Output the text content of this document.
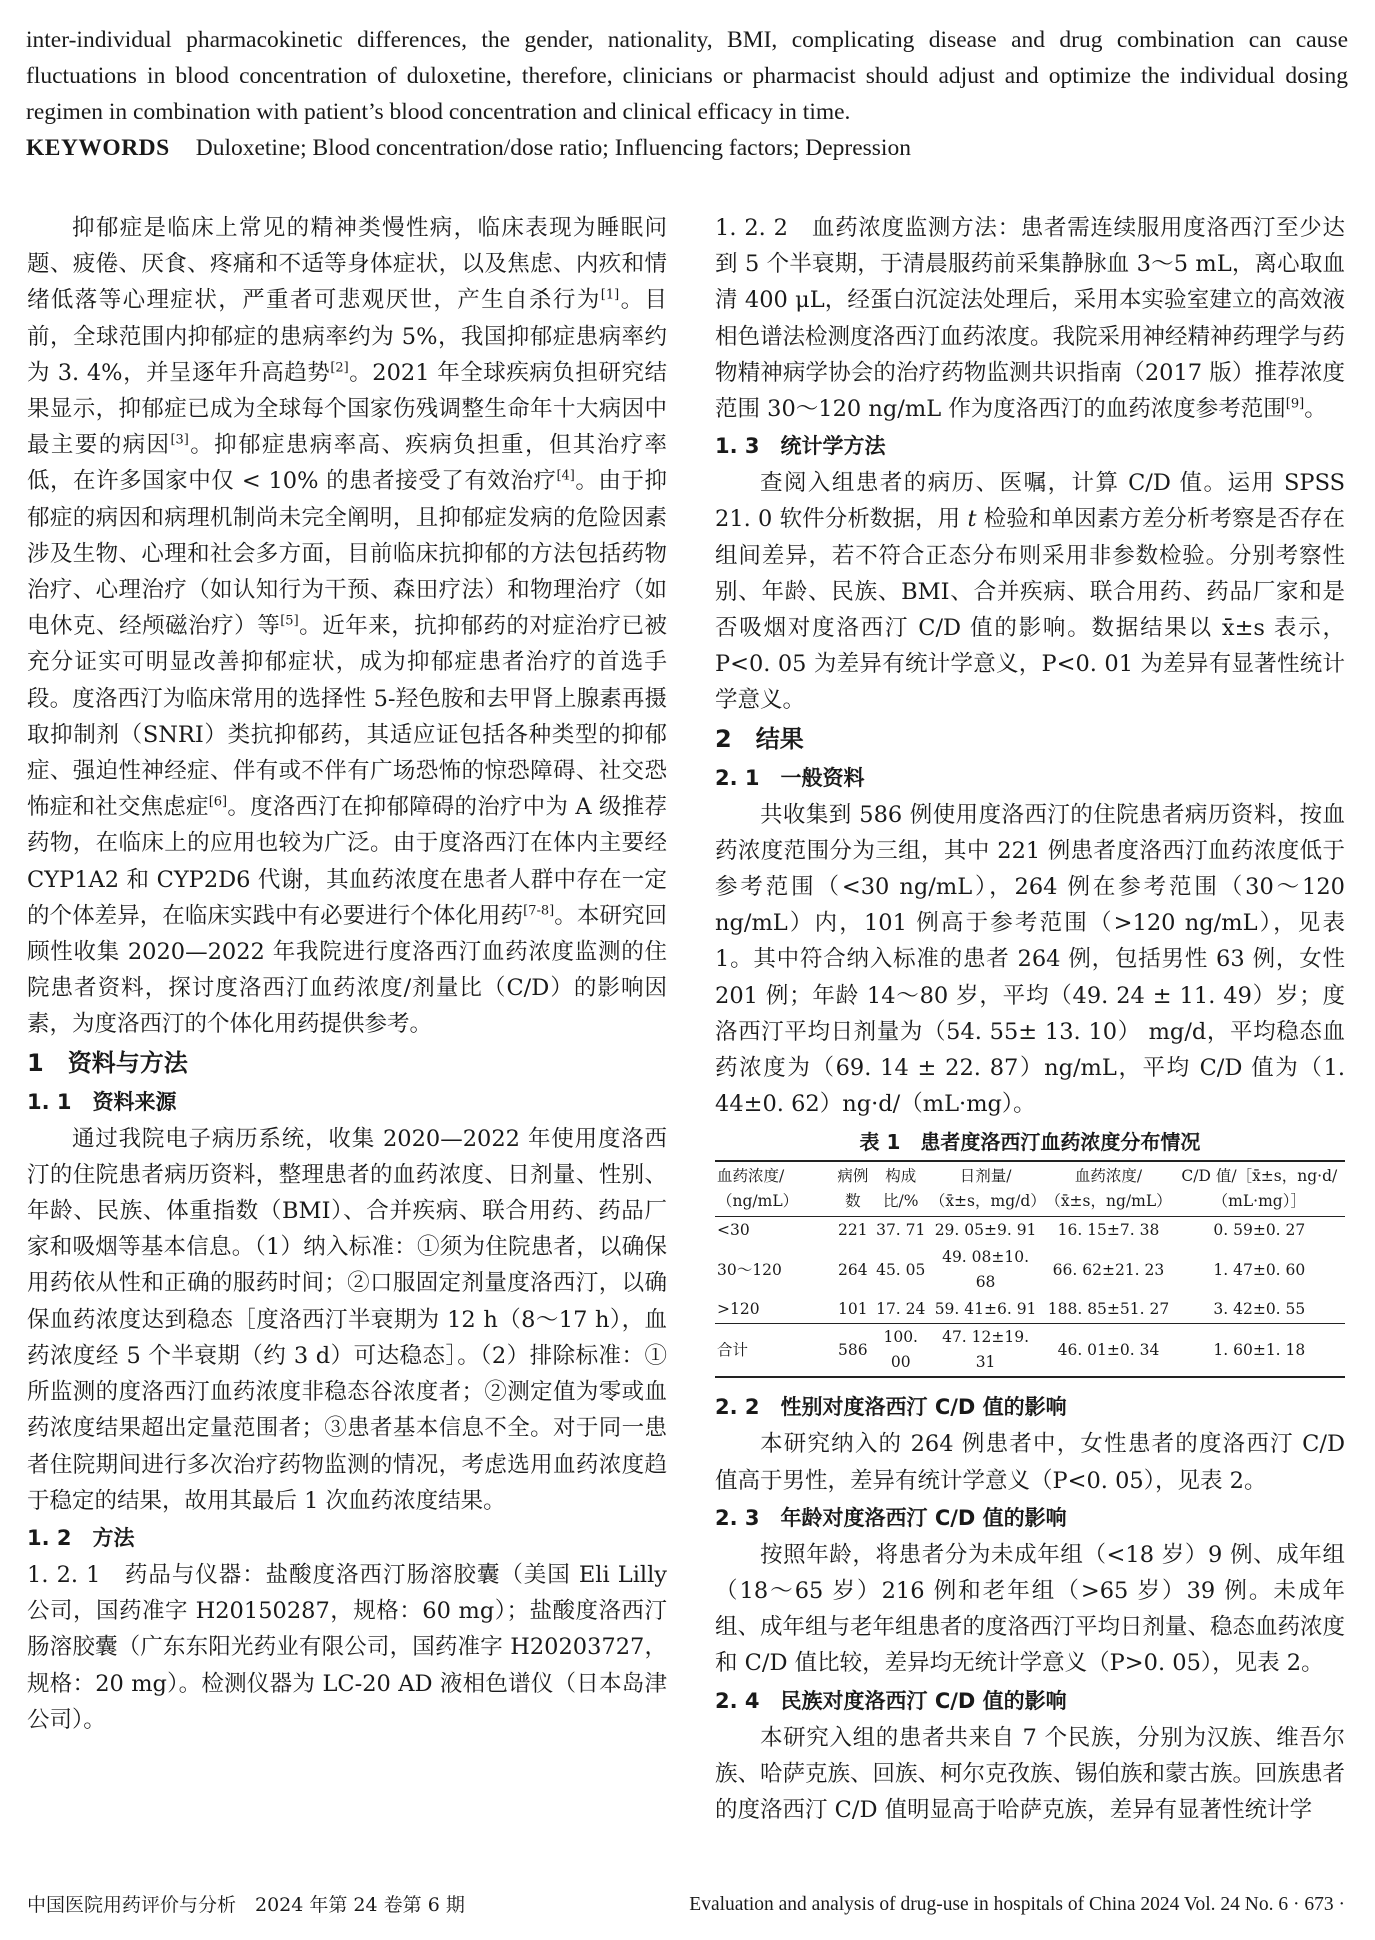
inter-individual pharmacokinetic differences, the gender, nationality, BMI, complicating disease and drug combination can cause fluctuations in blood concentration of duloxetine, therefore, clinicians or pharmacist should adjust and optimize the individual dosing regimen in combination with patient’s blood concentration and clinical efficacy in time.

KEYWORDS Duloxetine; Blood concentration/dose ratio; Influencing factors; Depression

抑郁症是临床上常见的精神类慢性病，临床表现为睡眠问题、疲倦、厌食、疼痛和不适等身体症状，以及焦虑、内疚和情绪低落等心理症状，严重者可悲观厌世，产生自杀行为[1]。目前，全球范围内抑郁症的患病率约为 5%，我国抑郁症患病率约为 3. 4%，并呈逐年升高趋势[2]。2021 年全球疾病负担研究结果显示，抑郁症已成为全球每个国家伤残调整生命年十大病因中最主要的病因[3]。抑郁症患病率高、疾病负担重，但其治疗率低，在许多国家中仅 < 10% 的患者接受了有效治疗[4]。由于抑郁症的病因和病理机制尚未完全阐明，且抑郁症发病的危险因素涉及生物、心理和社会多方面，目前临床抗抑郁的方法包括药物治疗、心理治疗（如认知行为干预、森田疗法）和物理治疗（如电休克、经颅磁治疗）等[5]。近年来，抗抑郁药的对症治疗已被充分证实可明显改善抑郁症状，成为抑郁症患者治疗的首选手段。度洛西汀为临床常用的选择性 5-羟色胺和去甲肾上腺素再摄取抑制剂（SNRI）类抗抑郁药，其适应证包括各种类型的抑郁症、强迫性神经症、伴有或不伴有广场恐怖的惊恐障碍、社交恐怖症和社交焦虑症[6]。度洛西汀在抑郁障碍的治疗中为 A 级推荐药物，在临床上的应用也较为广泛。由于度洛西汀在体内主要经 CYP1A2 和 CYP2D6 代谢，其血药浓度在患者人群中存在一定的个体差异，在临床实践中有必要进行个体化用药[7-8]。本研究回顾性收集 2020—2022 年我院进行度洛西汀血药浓度监测的住院患者资料，探讨度洛西汀血药浓度/剂量比（C/D）的影响因素，为度洛西汀的个体化用药提供参考。

1　资料与方法

1. 1　资料来源

通过我院电子病历系统，收集 2020—2022 年使用度洛西汀的住院患者病历资料，整理患者的血药浓度、日剂量、性别、年龄、民族、体重指数（BMI）、合并疾病、联合用药、药品厂家和吸烟等基本信息。（1）纳入标准：①须为住院患者，以确保用药依从性和正确的服药时间；②口服固定剂量度洛西汀，以确保血药浓度达到稳态［度洛西汀半衰期为 12 h（8～17 h），血药浓度经 5 个半衰期（约 3 d）可达稳态］。（2）排除标准：①所监测的度洛西汀血药浓度非稳态谷浓度者；②测定值为零或血药浓度结果超出定量范围者；③患者基本信息不全。对于同一患者住院期间进行多次治疗药物监测的情况，考虑选用血药浓度趋于稳定的结果，故用其最后 1 次血药浓度结果。

1. 2　方法

1. 2. 1　药品与仪器：盐酸度洛西汀肠溶胶囊（美国 Eli Lilly 公司，国药准字 H20150287，规格：60 mg）；盐酸度洛西汀肠溶胶囊（广东东阳光药业有限公司，国药准字 H20203727，规格：20 mg）。检测仪器为 LC-20 AD 液相色谱仪（日本岛津公司）。

1. 2. 2　血药浓度监测方法：患者需连续服用度洛西汀至少达到 5 个半衰期，于清晨服药前采集静脉血 3～5 mL，离心取血清 400 μL，经蛋白沉淀法处理后，采用本实验室建立的高效液相色谱法检测度洛西汀血药浓度。我院采用神经精神药理学与药物精神病学协会的治疗药物监测共识指南（2017 版）推荐浓度范围 30～120 ng/mL 作为度洛西汀的血药浓度参考范围[9]。

1. 3　统计学方法

查阅入组患者的病历、医嘱，计算 C/D 值。运用 SPSS 21. 0 软件分析数据，用 t 检验和单因素方差分析考察是否存在组间差异，若不符合正态分布则采用非参数检验。分别考察性别、年龄、民族、BMI、合并疾病、联合用药、药品厂家和是否吸烟对度洛西汀 C/D 值的影响。数据结果以 x̄±s 表示，P<0. 05 为差异有统计学意义，P<0. 01 为差异有显著性统计学意义。

2　结果

2. 1　一般资料

共收集到 586 例使用度洛西汀的住院患者病历资料，按血药浓度范围分为三组，其中 221 例患者度洛西汀血药浓度低于参考范围（<30 ng/mL），264 例在参考范围（30～120 ng/mL）内，101 例高于参考范围（>120 ng/mL），见表 1。其中符合纳入标准的患者 264 例，包括男性 63 例，女性 201 例；年龄 14～80 岁，平均（49. 24 ± 11. 49）岁；度洛西汀平均日剂量为（54. 55± 13. 10） mg/d，平均稳态血药浓度为（69. 14 ± 22. 87）ng/mL，平均 C/D 值为（1. 44±0. 62）ng·d/（mL·mg）。

表 1　患者度洛西汀血药浓度分布情况

血药浓度/（ng/mL）	病例数	构成比/%	日剂量/（x̄±s，mg/d）	血药浓度/（x̄±s，ng/mL）	C/D 值/［x̄±s，ng·d/（mL·mg）］
<30	221	37. 71	29. 05±9. 91	16. 15±7. 38	0. 59±0. 27
30～120	264	45. 05	49. 08±10. 68	66. 62±21. 23	1. 47±0. 60
>120	101	17. 24	59. 41±6. 91	188. 85±51. 27	3. 42±0. 55
合计	586	100. 00	47. 12±19. 31	46. 01±0. 34	1. 60±1. 18

2. 2　性别对度洛西汀 C/D 值的影响

本研究纳入的 264 例患者中，女性患者的度洛西汀 C/D 值高于男性，差异有统计学意义（P<0. 05），见表 2。

2. 3　年龄对度洛西汀 C/D 值的影响

按照年龄，将患者分为未成年组（<18 岁）9 例、成年组（18～65 岁）216 例和老年组（>65 岁）39 例。未成年组、成年组与老年组患者的度洛西汀平均日剂量、稳态血药浓度和 C/D 值比较，差异均无统计学意义（P>0. 05），见表 2。

2. 4　民族对度洛西汀 C/D 值的影响

本研究入组的患者共来自 7 个民族，分别为汉族、维吾尔族、哈萨克族、回族、柯尔克孜族、锡伯族和蒙古族。回族患者的度洛西汀 C/D 值明显高于哈萨克族，差异有显著性统计学

中国医院用药评价与分析　2024 年第 24 卷第 6 期	Evaluation and analysis of drug-use in hospitals of China 2024 Vol. 24 No. 6 · 673 ·
